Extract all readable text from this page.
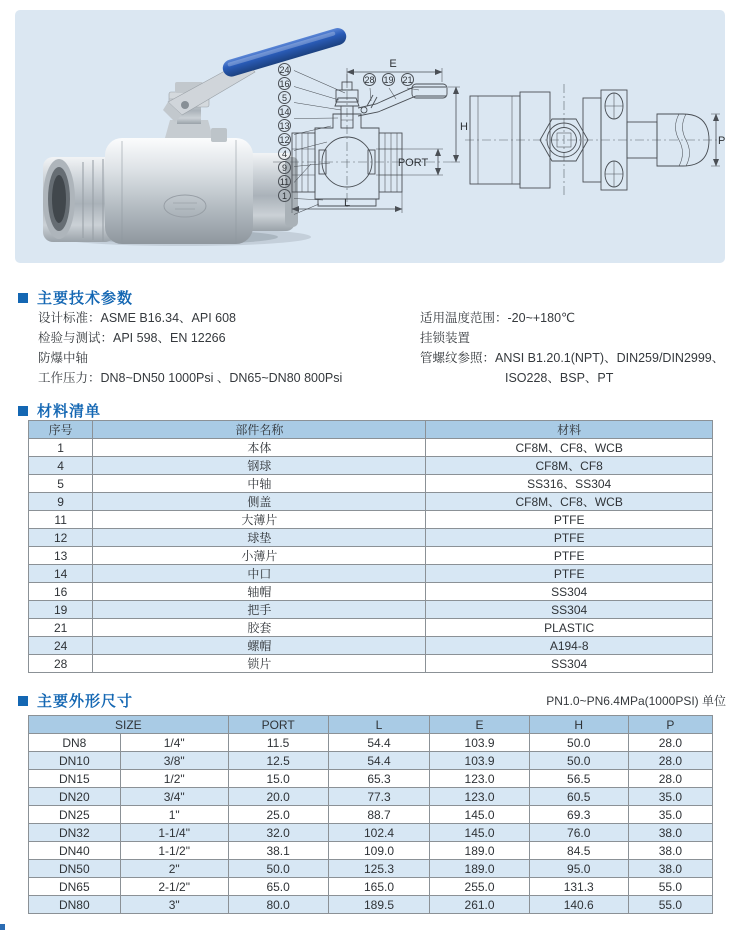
E
H
PORT
L
P
24
16
5
14
13
12
4
9
11
1
28 19 21
主要技术参数
设计标准：ASME B16.34、API 608
检验与测试：API 598、EN 12266
防爆中轴
工作压力：DN8~DN50 1000Psi 、DN65~DN80 800Psi
适用温度范围：-20~+180℃
挂锁装置
管螺纹参照：ANSI B1.20.1(NPT)、DIN259/DIN2999、
ISO228、BSP、PT
材料清单
序号	部件名称	材料
1	本体	CF8M、CF8、WCB
4	钢球	CF8M、CF8
5	中轴	SS316、SS304
9	侧盖	CF8M、CF8、WCB
11	大薄片	PTFE
12	球垫	PTFE
13	小薄片	PTFE
14	中口	PTFE
16	轴帽	SS304
19	把手	SS304
21	胶套	PLASTIC
24	螺帽	A194-8
28	锁片	SS304
主要外形尺寸	PN1.0~PN6.4MPa(1000PSI) 单位
SIZE		PORT	L	E	H	P
DN8	1/4"	11.5	54.4	103.9	50.0	28.0
DN10	3/8"	12.5	54.4	103.9	50.0	28.0
DN15	1/2"	15.0	65.3	123.0	56.5	28.0
DN20	3/4"	20.0	77.3	123.0	60.5	35.0
DN25	1"	25.0	88.7	145.0	69.3	35.0
DN32	1-1/4"	32.0	102.4	145.0	76.0	38.0
DN40	1-1/2"	38.1	109.0	189.0	84.5	38.0
DN50	2"	50.0	125.3	189.0	95.0	38.0
DN65	2-1/2"	65.0	165.0	255.0	131.3	55.0
DN80	3"	80.0	189.5	261.0	140.6	55.0
